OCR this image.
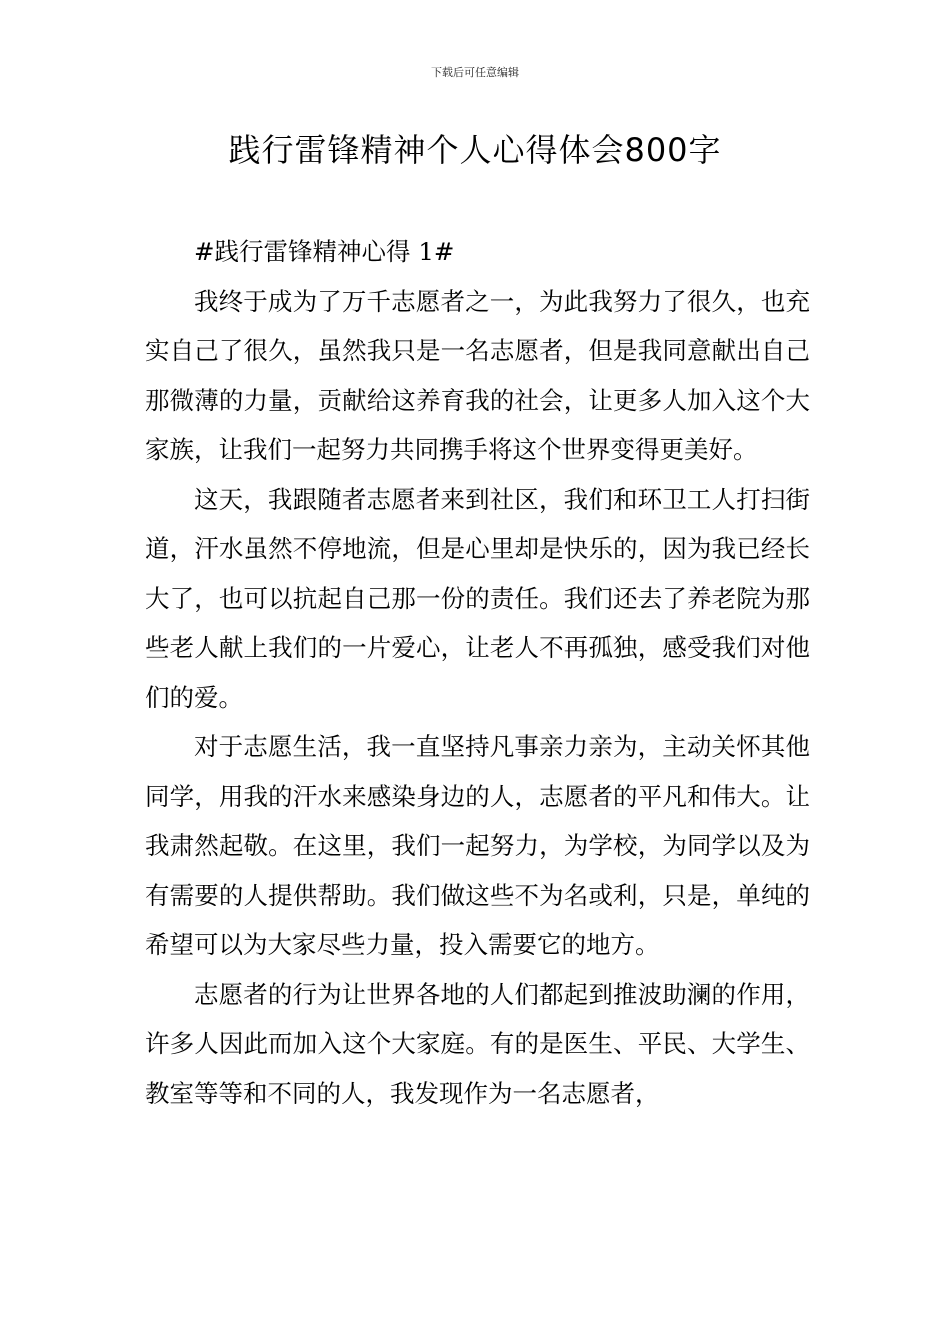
下载后可任意编辑
践行雷锋精神个人心得体会800字

#践行雷锋精神心得 1#

我终于成为了万千志愿者之一，为此我努力了很久，也充实自己了很久，虽然我只是一名志愿者，但是我同意献出自己那微薄的力量，贡献给这养育我的社会，让更多人加入这个大家族，让我们一起努力共同携手将这个世界变得更美好。

这天，我跟随者志愿者来到社区，我们和环卫工人打扫街道，汗水虽然不停地流，但是心里却是快乐的，因为我已经长大了，也可以抗起自己那一份的责任。我们还去了养老院为那些老人献上我们的一片爱心，让老人不再孤独，感受我们对他们的爱。

对于志愿生活，我一直坚持凡事亲力亲为，主动关怀其他同学，用我的汗水来感染身边的人，志愿者的平凡和伟大。让我肃然起敬。在这里，我们一起努力，为学校，为同学以及为有需要的人提供帮助。我们做这些不为名或利，只是，单纯的希望可以为大家尽些力量，投入需要它的地方。

志愿者的行为让世界各地的人们都起到推波助澜的作用，许多人因此而加入这个大家庭。有的是医生、平民、大学生、教室等等和不同的人，我发现作为一名志愿者，
